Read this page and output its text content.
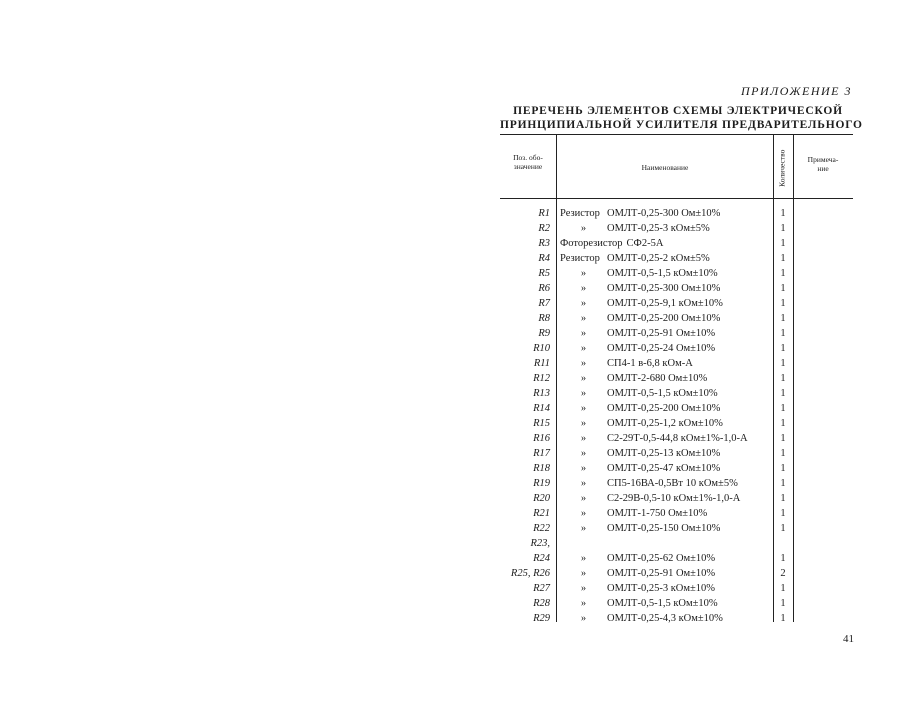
ПРИЛОЖЕНИЕ 3
ПЕРЕЧЕНЬ ЭЛЕМЕНТОВ СХЕМЫ ЭЛЕКТРИЧЕСКОЙ
ПРИНЦИПИАЛЬНОЙ УСИЛИТЕЛЯ ПРЕДВАРИТЕЛЬНОГО
Поз. обо-
значение	Наименование	Количество	Примеча-
ние
R1 Резистор ОМЛТ-0,25-300 Ом±10%	1
R2	» ОМЛТ-0,25-3 кОм±5%	1
R3 Фоторезистор СФ2-5А	1
R4 Резистор ОМЛТ-0,25-2 кОм±5%	1
R5	» ОМЛТ-0,5-1,5 кОм±10%	1
R6	» ОМЛТ-0,25-300 Ом±10%	1
R7	» ОМЛТ-0,25-9,1 кОм±10%	1
R8	» ОМЛТ-0,25-200 Ом±10%	1
R9	» ОМЛТ-0,25-91 Ом±10%	1
R10	» ОМЛТ-0,25-24 Ом±10%	1
R11	» СП4-1 в-6,8 кОм-А	1
R12	» ОМЛТ-2-680 Ом±10%	1
R13	» ОМЛТ-0,5-1,5 кОм±10%	1
R14	» ОМЛТ-0,25-200 Ом±10%	1
R15	» ОМЛТ-0,25-1,2 кОм±10%	1
R16	» С2-29Т-0,5-44,8 кОм±1%-1,0-А	1
R17	» ОМЛТ-0,25-13 кОм±10%	1
R18	» ОМЛТ-0,25-47 кОм±10%	1
R19	» СП5-16ВА-0,5Вт 10 кОм±5%	1
R20	» С2-29В-0,5-10 кОм±1%-1,0-А	1
R21	» ОМЛТ-1-750 Ом±10%	1
R22	» ОМЛТ-0,25-150 Ом±10%	1
R23,
R24	» ОМЛТ-0,25-62 Ом±10%	1
R25, R26	» ОМЛТ-0,25-91 Ом±10%	2
R27	» ОМЛТ-0,25-3 кОм±10%	1
R28	» ОМЛТ-0,5-1,5 кОм±10%	1
R29	» ОМЛТ-0,25-4,3 кОм±10%	1
41
